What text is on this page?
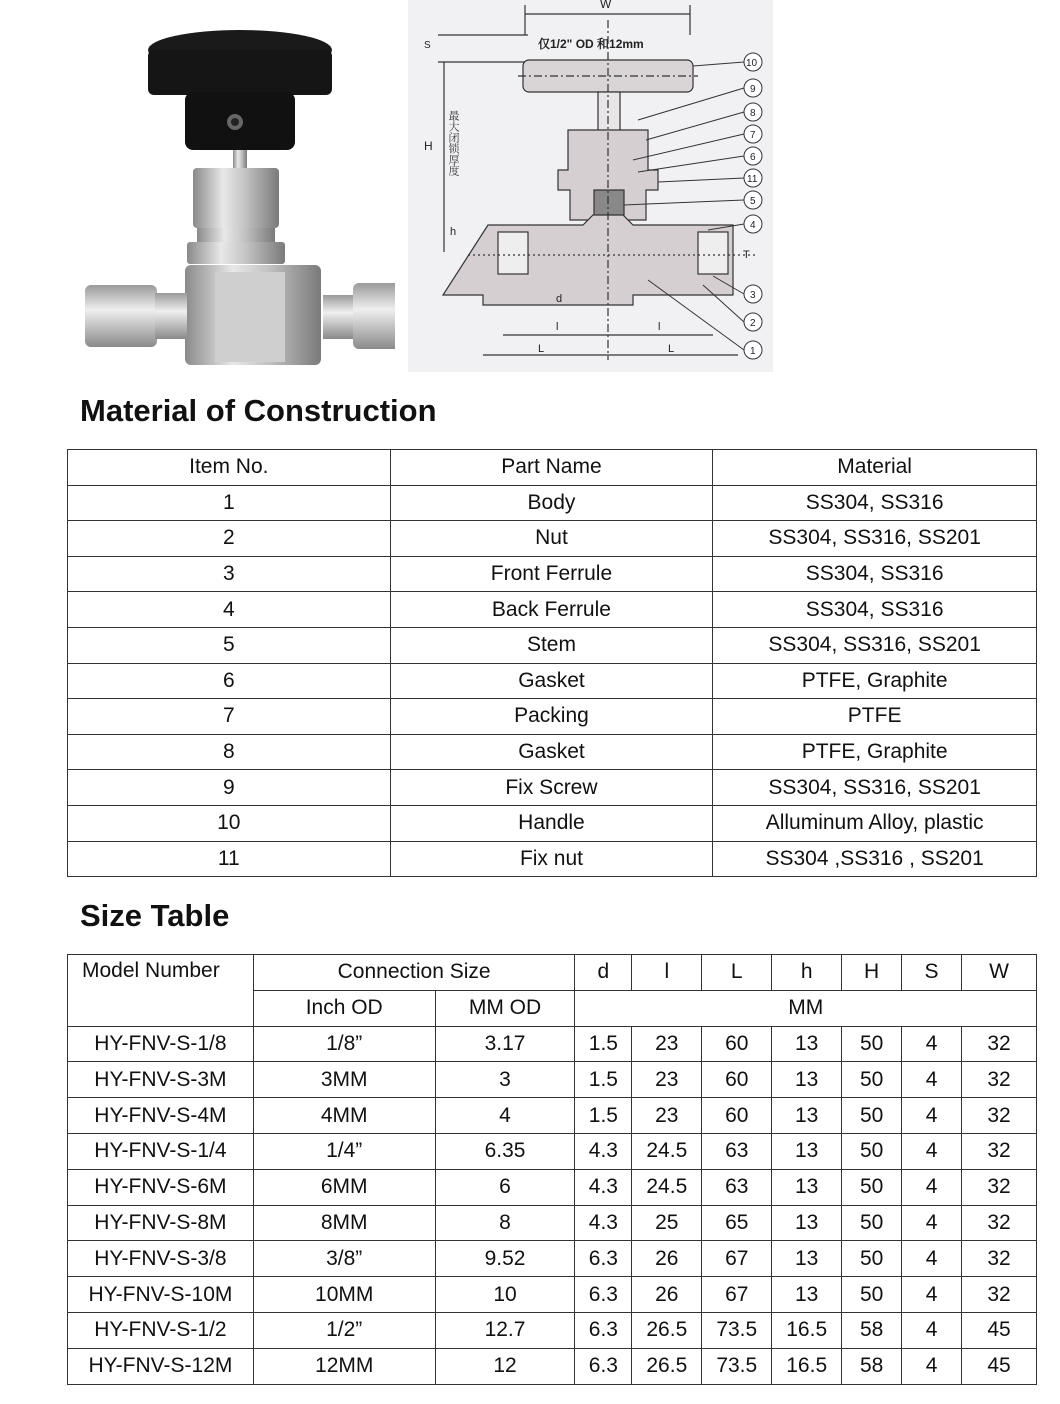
W
仅1/2" OD 和12mm
H
S
最大闭锁厚度
l	l
L	L
d
h
T
10
9
8
7
6
11
5
4
3
2
1
Material of Construction
Item No.	Part Name	Material
1	Body	SS304, SS316
2	Nut	SS304, SS316, SS201
3	Front Ferrule	SS304, SS316
4	Back Ferrule	SS304, SS316
5	Stem	SS304, SS316, SS201
6	Gasket	PTFE, Graphite
7	Packing	PTFE
8	Gasket	PTFE, Graphite
9	Fix Screw	SS304, SS316, SS201
10	Handle	Alluminum Alloy, plastic
11	Fix nut	SS304 ,SS316 , SS201
Size Table
Model Number	Connection Size		d	l	L	h	H	S	W
	Inch OD	MM OD	MM						
HY-FNV-S-1/8	1/8”	3.17	1.5	23	60	13	50	4	32
HY-FNV-S-3M	3MM	3	1.5	23	60	13	50	4	32
HY-FNV-S-4M	4MM	4	1.5	23	60	13	50	4	32
HY-FNV-S-1/4	1/4”	6.35	4.3	24.5	63	13	50	4	32
HY-FNV-S-6M	6MM	6	4.3	24.5	63	13	50	4	32
HY-FNV-S-8M	8MM	8	4.3	25	65	13	50	4	32
HY-FNV-S-3/8	3/8”	9.52	6.3	26	67	13	50	4	32
HY-FNV-S-10M	10MM	10	6.3	26	67	13	50	4	32
HY-FNV-S-1/2	1/2”	12.7	6.3	26.5	73.5	16.5	58	4	45
HY-FNV-S-12M	12MM	12	6.3	26.5	73.5	16.5	58	4	45
